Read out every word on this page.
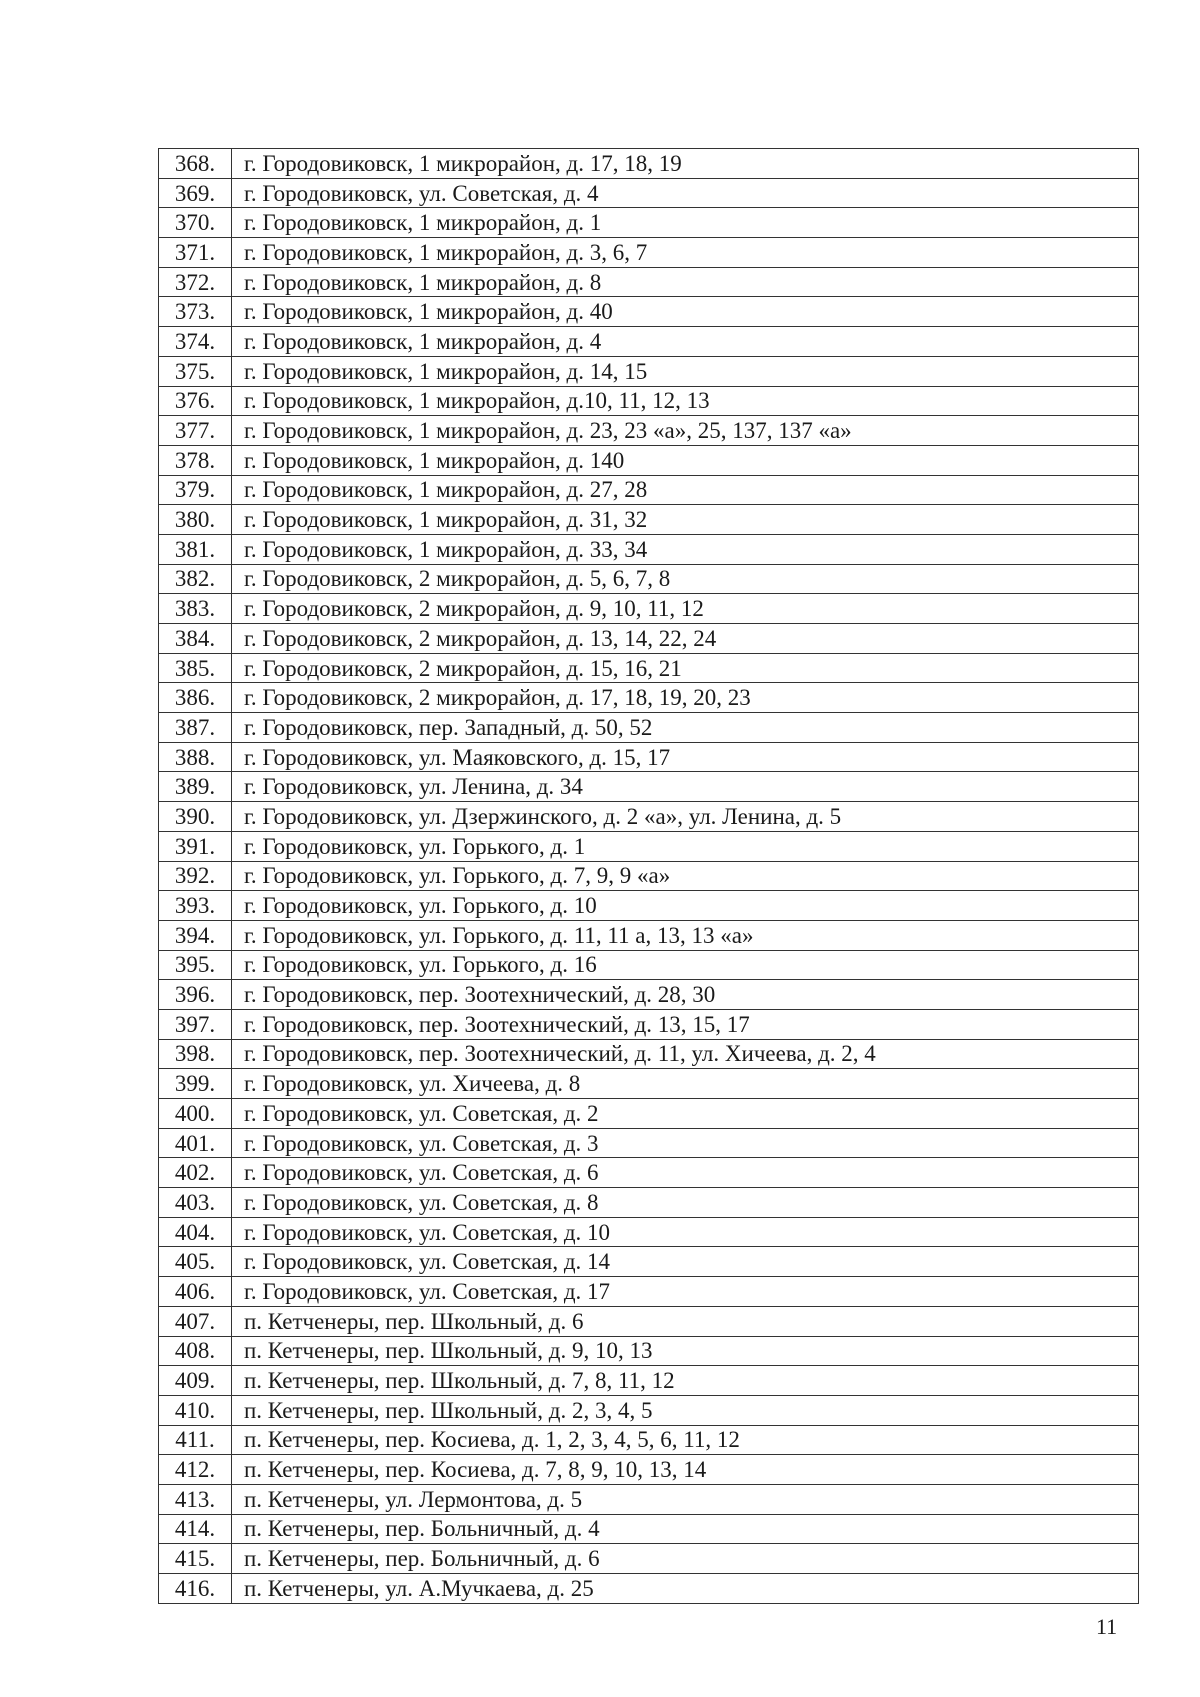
368.	г. Городовиковск, 1 микрорайон, д. 17, 18, 19
369.	г. Городовиковск, ул. Советская, д. 4
370.	г. Городовиковск, 1 микрорайон, д. 1
371.	г. Городовиковск, 1 микрорайон, д. 3, 6, 7
372.	г. Городовиковск, 1 микрорайон, д. 8
373.	г. Городовиковск, 1 микрорайон, д. 40
374.	г. Городовиковск, 1 микрорайон, д. 4
375.	г. Городовиковск, 1 микрорайон, д. 14, 15
376.	г. Городовиковск, 1 микрорайон, д.10, 11, 12, 13
377.	г. Городовиковск, 1 микрорайон, д. 23, 23 «а», 25, 137, 137 «а»
378.	г. Городовиковск, 1 микрорайон, д. 140
379.	г. Городовиковск, 1 микрорайон, д. 27, 28
380.	г. Городовиковск, 1 микрорайон, д. 31, 32
381.	г. Городовиковск, 1 микрорайон, д. 33, 34
382.	г. Городовиковск, 2 микрорайон, д. 5, 6, 7, 8
383.	г. Городовиковск, 2 микрорайон, д. 9, 10, 11, 12
384.	г. Городовиковск, 2 микрорайон, д. 13, 14, 22, 24
385.	г. Городовиковск, 2 микрорайон, д. 15, 16, 21
386.	г. Городовиковск, 2 микрорайон, д. 17, 18, 19, 20, 23
387.	г. Городовиковск, пер. Западный, д. 50, 52
388.	г. Городовиковск, ул. Маяковского, д. 15, 17
389.	г. Городовиковск, ул. Ленина, д. 34
390.	г. Городовиковск, ул. Дзержинского, д. 2 «а», ул. Ленина, д. 5
391.	г. Городовиковск, ул. Горького, д. 1
392.	г. Городовиковск, ул. Горького, д. 7, 9, 9 «а»
393.	г. Городовиковск, ул. Горького, д. 10
394.	г. Городовиковск, ул. Горького, д. 11, 11 а, 13, 13 «а»
395.	г. Городовиковск, ул. Горького, д. 16
396.	г. Городовиковск, пер. Зоотехнический, д. 28, 30
397.	г. Городовиковск, пер. Зоотехнический, д. 13, 15, 17
398.	г. Городовиковск, пер. Зоотехнический, д. 11, ул. Хичеева, д. 2, 4
399.	г. Городовиковск, ул. Хичеева, д. 8
400.	г. Городовиковск, ул. Советская, д. 2
401.	г. Городовиковск, ул. Советская, д. 3
402.	г. Городовиковск, ул. Советская, д. 6
403.	г. Городовиковск, ул. Советская, д. 8
404.	г. Городовиковск, ул. Советская, д. 10
405.	г. Городовиковск, ул. Советская, д. 14
406.	г. Городовиковск, ул. Советская, д. 17
407.	п. Кетченеры, пер. Школьный, д. 6
408.	п. Кетченеры, пер. Школьный, д. 9, 10, 13
409.	п. Кетченеры, пер. Школьный, д. 7, 8, 11, 12
410.	п. Кетченеры, пер. Школьный, д. 2, 3, 4, 5
411.	п. Кетченеры, пер. Косиева, д. 1, 2, 3, 4, 5, 6, 11, 12
412.	п. Кетченеры, пер. Косиева, д. 7, 8, 9, 10, 13, 14
413.	п. Кетченеры, ул. Лермонтова, д. 5
414.	п. Кетченеры, пер. Больничный, д. 4
415.	п. Кетченеры, пер. Больничный, д. 6
416.	п. Кетченеры, ул. А.Мучкаева, д. 25
11
